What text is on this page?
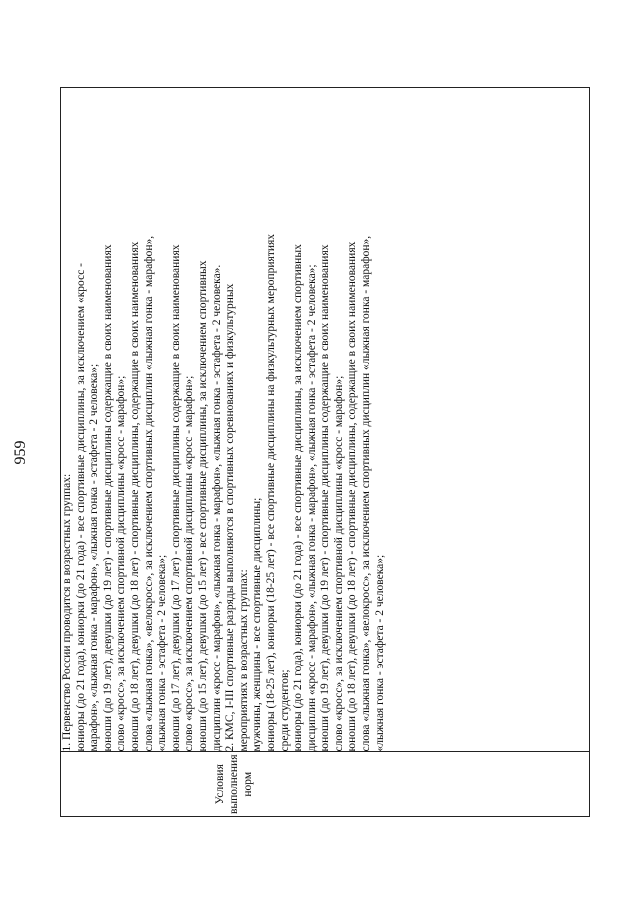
959
Условия выполнения норм

1. Первенство России проводится в возрастных группах: юниоры (до 21 года), юниорки (до 21 года) - все спортивные дисциплины, за исключением «кросс - марафон», «лыжная гонка - марафон», «лыжная гонка - эстафета - 2 человека»; юноши (до 19 лет), девушки (до 19 лет) - спортивные дисциплины содержащие в своих наименованиях слово «кросс», за исключением спортивной дисциплины «кросс - марафон»; юноши (до 18 лет), девушки (до 18 лет) - спортивные дисциплины, содержащие в своих наименованиях слова «лыжная гонка», «велокросс», за исключением спортивных дисциплин «лыжная гонка - марафон», «лыжная гонка - эстафета - 2 человека»; юноши (до 17 лет), девушки (до 17 лет) - спортивные дисциплины содержащие в своих наименованиях слово «кросс», за исключением спортивной дисциплины «кросс - марафон»; юноши (до 15 лет), девушки (до 15 лет) - все спортивные дисциплины, за исключением спортивных дисциплин «кросс - марафон», «лыжная гонка - марафон», «лыжная гонка - эстафета - 2 человека». 2. КМС, I-III спортивные разряды выполняются в спортивных соревнованиях и физкультурных мероприятиях в возрастных группах: мужчины, женщины - все спортивные дисциплины; юниоры (18-25 лет), юниорки (18-25 лет) - все спортивные дисциплины на физкультурных мероприятиях среди студентов; юниоры (до 21 года), юниорки (до 21 года) - все спортивные дисциплины, за исключением спортивных дисциплин «кросс - марафон», «лыжная гонка - марафон», «лыжная гонка - эстафета - 2 человека»; юноши (до 19 лет), девушки (до 19 лет) - спортивные дисциплины содержащие в своих наименованиях слово «кросс», за исключением спортивной дисциплины «кросс - марафон»; юноши (до 18 лет), девушки (до 18 лет) - спортивные дисциплины, содержащие в своих наименованиях слова «лыжная гонка», «велокросс», за исключением спортивных дисциплин «лыжная гонка - марафон», «лыжная гонка - эстафета - 2 человека»;
